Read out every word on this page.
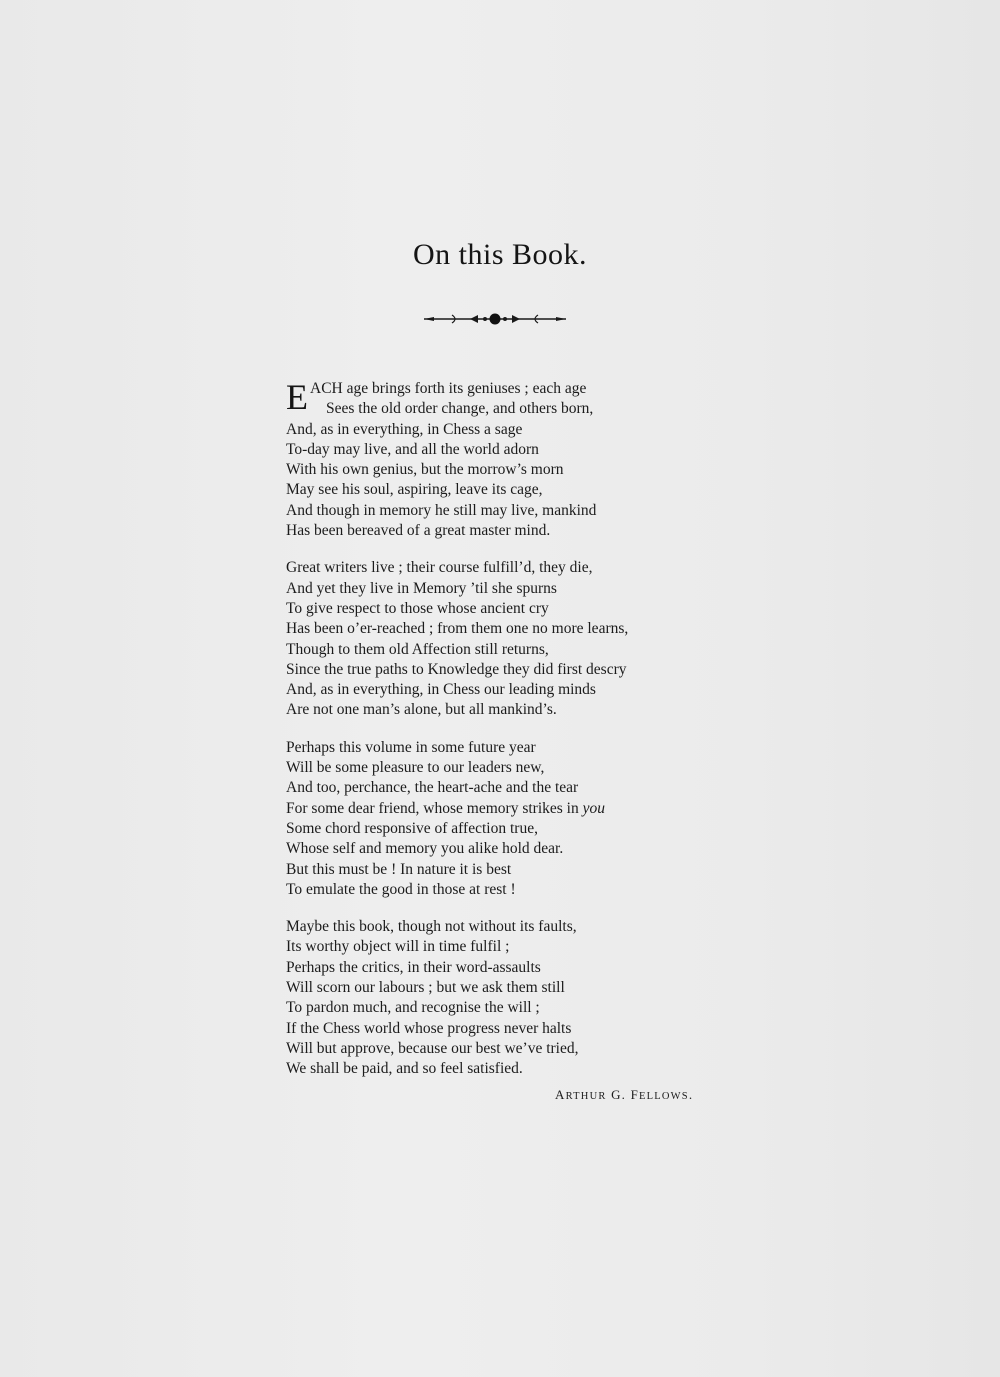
On this Book.
E ACH age brings forth its geniuses ; each age
Sees the old order change, and others born,
And, as in everything, in Chess a sage
To-day may live, and all the world adorn
With his own genius, but the morrow’s morn
May see his soul, aspiring, leave its cage,
And though in memory he still may live, mankind
Has been bereaved of a great master mind.
Great writers live ; their course fulfill’d, they die,
And yet they live in Memory ’til she spurns
To give respect to those whose ancient cry
Has been o’er-reached ; from them one no more learns,
Though to them old Affection still returns,
Since the true paths to Knowledge they did first descry
And, as in everything, in Chess our leading minds
Are not one man’s alone, but all mankind’s.
Perhaps this volume in some future year
Will be some pleasure to our leaders new,
And too, perchance, the heart-ache and the tear
For some dear friend, whose memory strikes in you
Some chord responsive of affection true,
Whose self and memory you alike hold dear.
But this must be ! In nature it is best
To emulate the good in those at rest !
Maybe this book, though not without its faults,
Its worthy object will in time fulfil ;
Perhaps the critics, in their word-assaults
Will scorn our labours ; but we ask them still
To pardon much, and recognise the will ;
If the Chess world whose progress never halts
Will but approve, because our best we’ve tried,
We shall be paid, and so feel satisfied.
ARTHUR G. FELLOWS.
